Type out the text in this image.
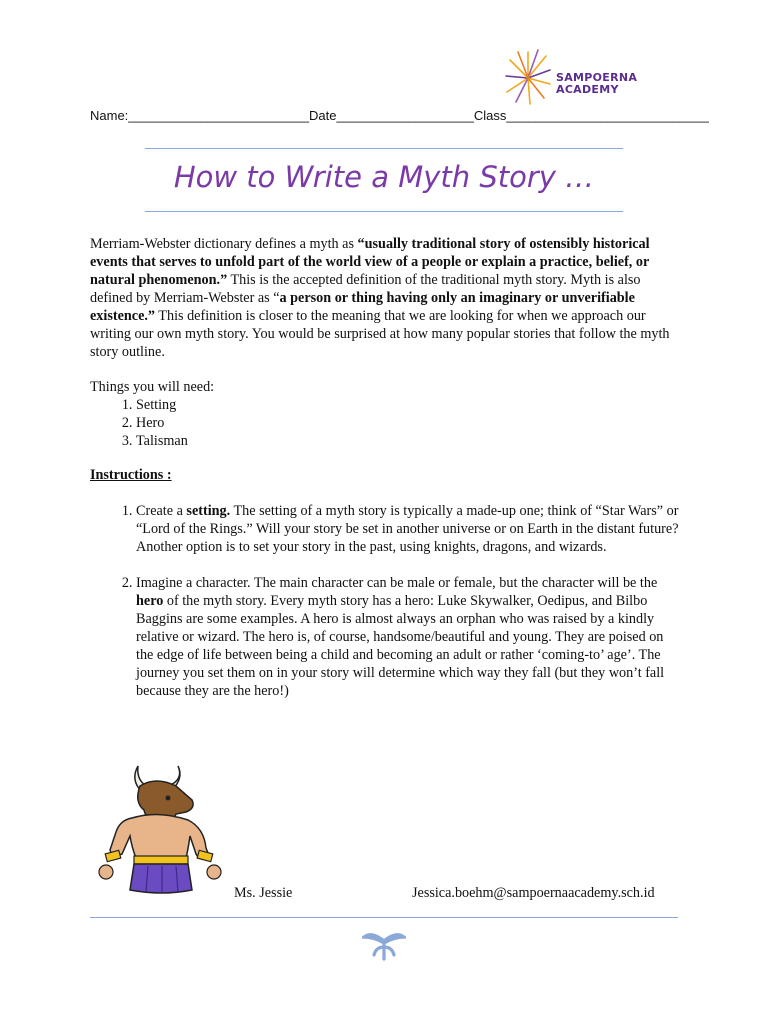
SAMPOERNA
ACADEMY
Name:_________________________Date___________________Class____________________________
How to Write a Myth Story …
Merriam-Webster dictionary defines a myth as “usually traditional story of ostensibly historical events that serves to unfold part of the world view of a people or explain a practice, belief, or natural phenomenon.” This is the accepted definition of the traditional myth story. Myth is also defined by Merriam-Webster as “a person or thing having only an imaginary or unverifiable existence.” This definition is closer to the meaning that we are looking for when we approach our writing our own myth story. You would be surprised at how many popular stories that follow the myth story outline.
Things you will need:
1. Setting
2. Hero
3. Talisman
Instructions :
1. Create a setting. The setting of a myth story is typically a made-up one; think of “Star Wars” or “Lord of the Rings.” Will your story be set in another universe or on Earth in the distant future? Another option is to set your story in the past, using knights, dragons, and wizards.
2. Imagine a character. The main character can be male or female, but the character will be the hero of the myth story. Every myth story has a hero: Luke Skywalker, Oedipus, and Bilbo Baggins are some examples. A hero is almost always an orphan who was raised by a kindly relative or wizard. The hero is, of course, handsome/beautiful and young. They are poised on the edge of life between being a child and becoming an adult or rather ‘coming-to’ age’. The journey you set them on in your story will determine which way they fall (but they won’t fall because they are the hero!)
Ms. Jessie	Jessica.boehm@sampoernaacademy.sch.id
